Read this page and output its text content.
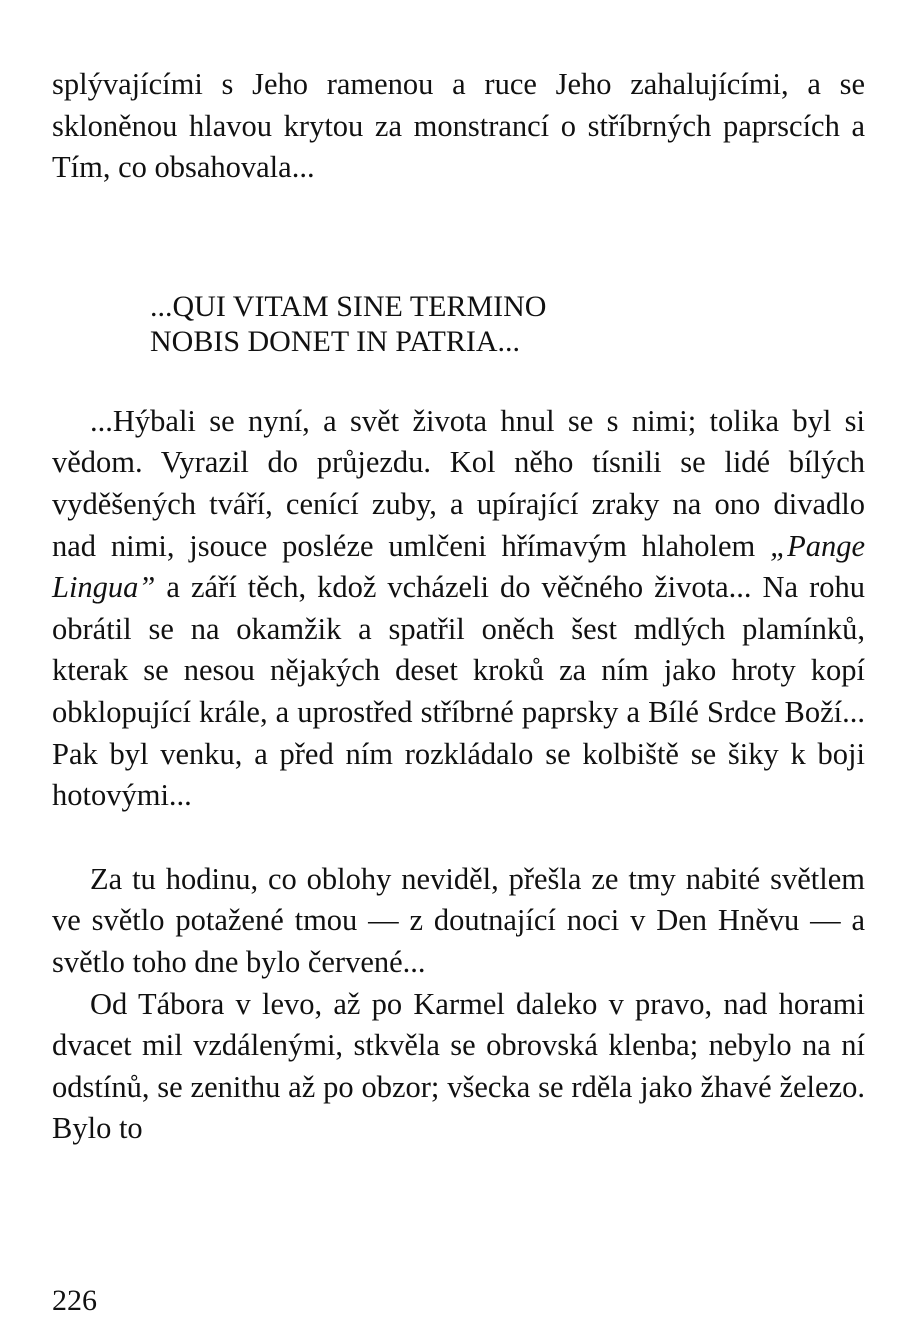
splývajícími s Jeho ramenou a ruce Jeho zahalujícími, a se skloněnou hlavou krytou za monstrancí o stříbrných paprscích a Tím, co obsahovala...

...QUI VITAM SINE TERMINO
NOBIS DONET IN PATRIA...

...Hýbali se nyní, a svět života hnul se s nimi; tolika byl si vědom. Vyrazil do průjezdu. Kol něho tísnili se lidé bílých vyděšených tváří, cenící zuby, a upírající zraky na ono divadlo nad nimi, jsouce posléze umlčeni hřímavým hlaholem „Pange Lingua” a září těch, kdož vcházeli do věčného života... Na rohu obrátil se na okamžik a spatřil oněch šest mdlých plamínků, kterak se nesou nějakých deset kroků za ním jako hroty kopí obklopující krále, a uprostřed stříbrné paprsky a Bílé Srdce Boží... Pak byl venku, a před ním rozkládalo se kolbiště se šiky k boji hotovými...

Za tu hodinu, co oblohy neviděl, přešla ze tmy nabité světlem ve světlo potažené tmou — z doutnající noci v Den Hněvu — a světlo toho dne bylo červené...

Od Tábora v levo, až po Karmel daleko v pravo, nad horami dvacet mil vzdálenými, stkvěla se obrovská klenba; nebylo na ní odstínů, se zenithu až po obzor; všecka se rděla jako žhavé železo. Bylo to

226
